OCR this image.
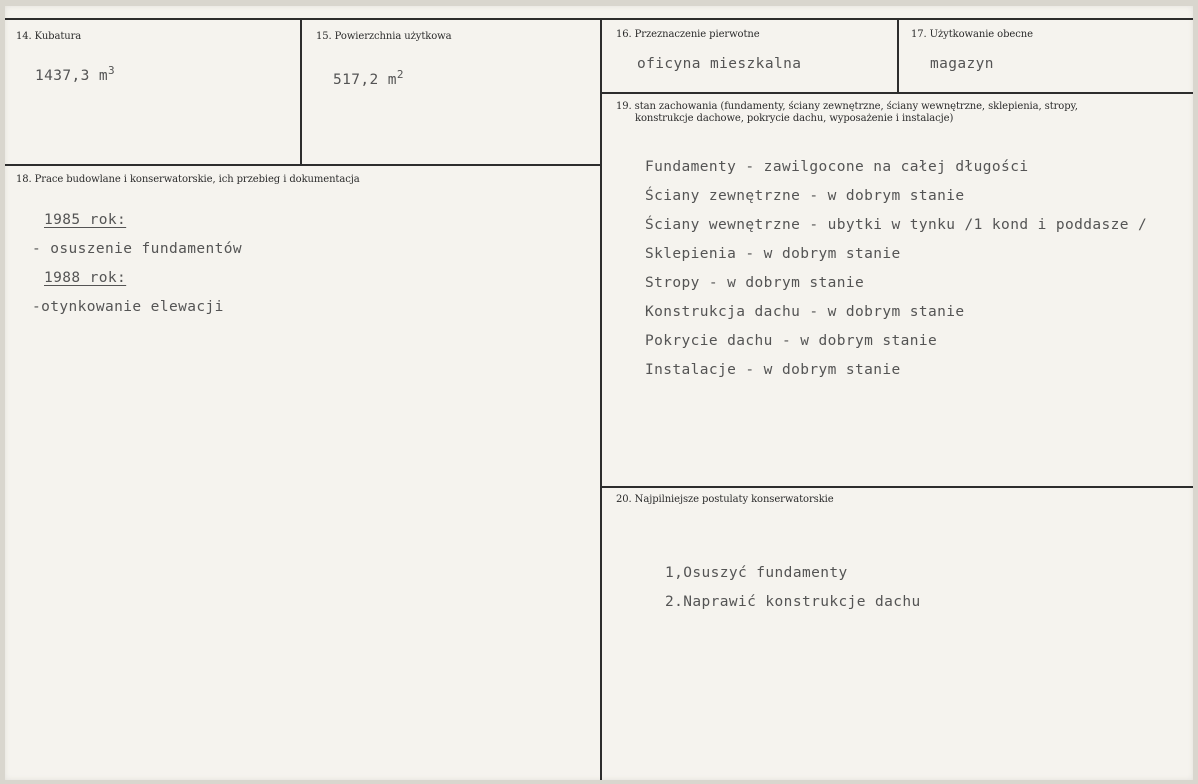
14. Kubatura
1437,3 $m^3$
15. Powierzchnia użytkowa
517,2 $m^2$
16. Przeznaczenie pierwotne
oficyna mieszkalna
17. Użytkowanie obecne
magazyn
18. Prace budowlane i konserwatorskie, ich przebieg i dokumentacja
1985 rok:
- osuszenie fundamentów
1988 rok:
-otynkowanie elewacji
19. stan zachowania (fundamenty, ściany zewnętrzne, ściany wewnętrzne, sklepienia, stropy,
konstrukcje dachowe, pokrycie dachu, wyposażenie i instalacje)
Fundamenty - zawilgocone na całej długości
Ściany zewnętrzne - w dobrym stanie
Ściany wewnętrzne - ubytki w tynku /1 kond i poddasze /
Sklepienia - w dobrym stanie
Stropy - w dobrym stanie
Konstrukcja dachu - w dobrym stanie
Pokrycie dachu - w dobrym stanie
Instalacje - w dobrym stanie
20. Najpilniejsze postulaty konserwatorskie
1,Osuszyć fundamenty
2.Naprawić konstrukcje dachu
